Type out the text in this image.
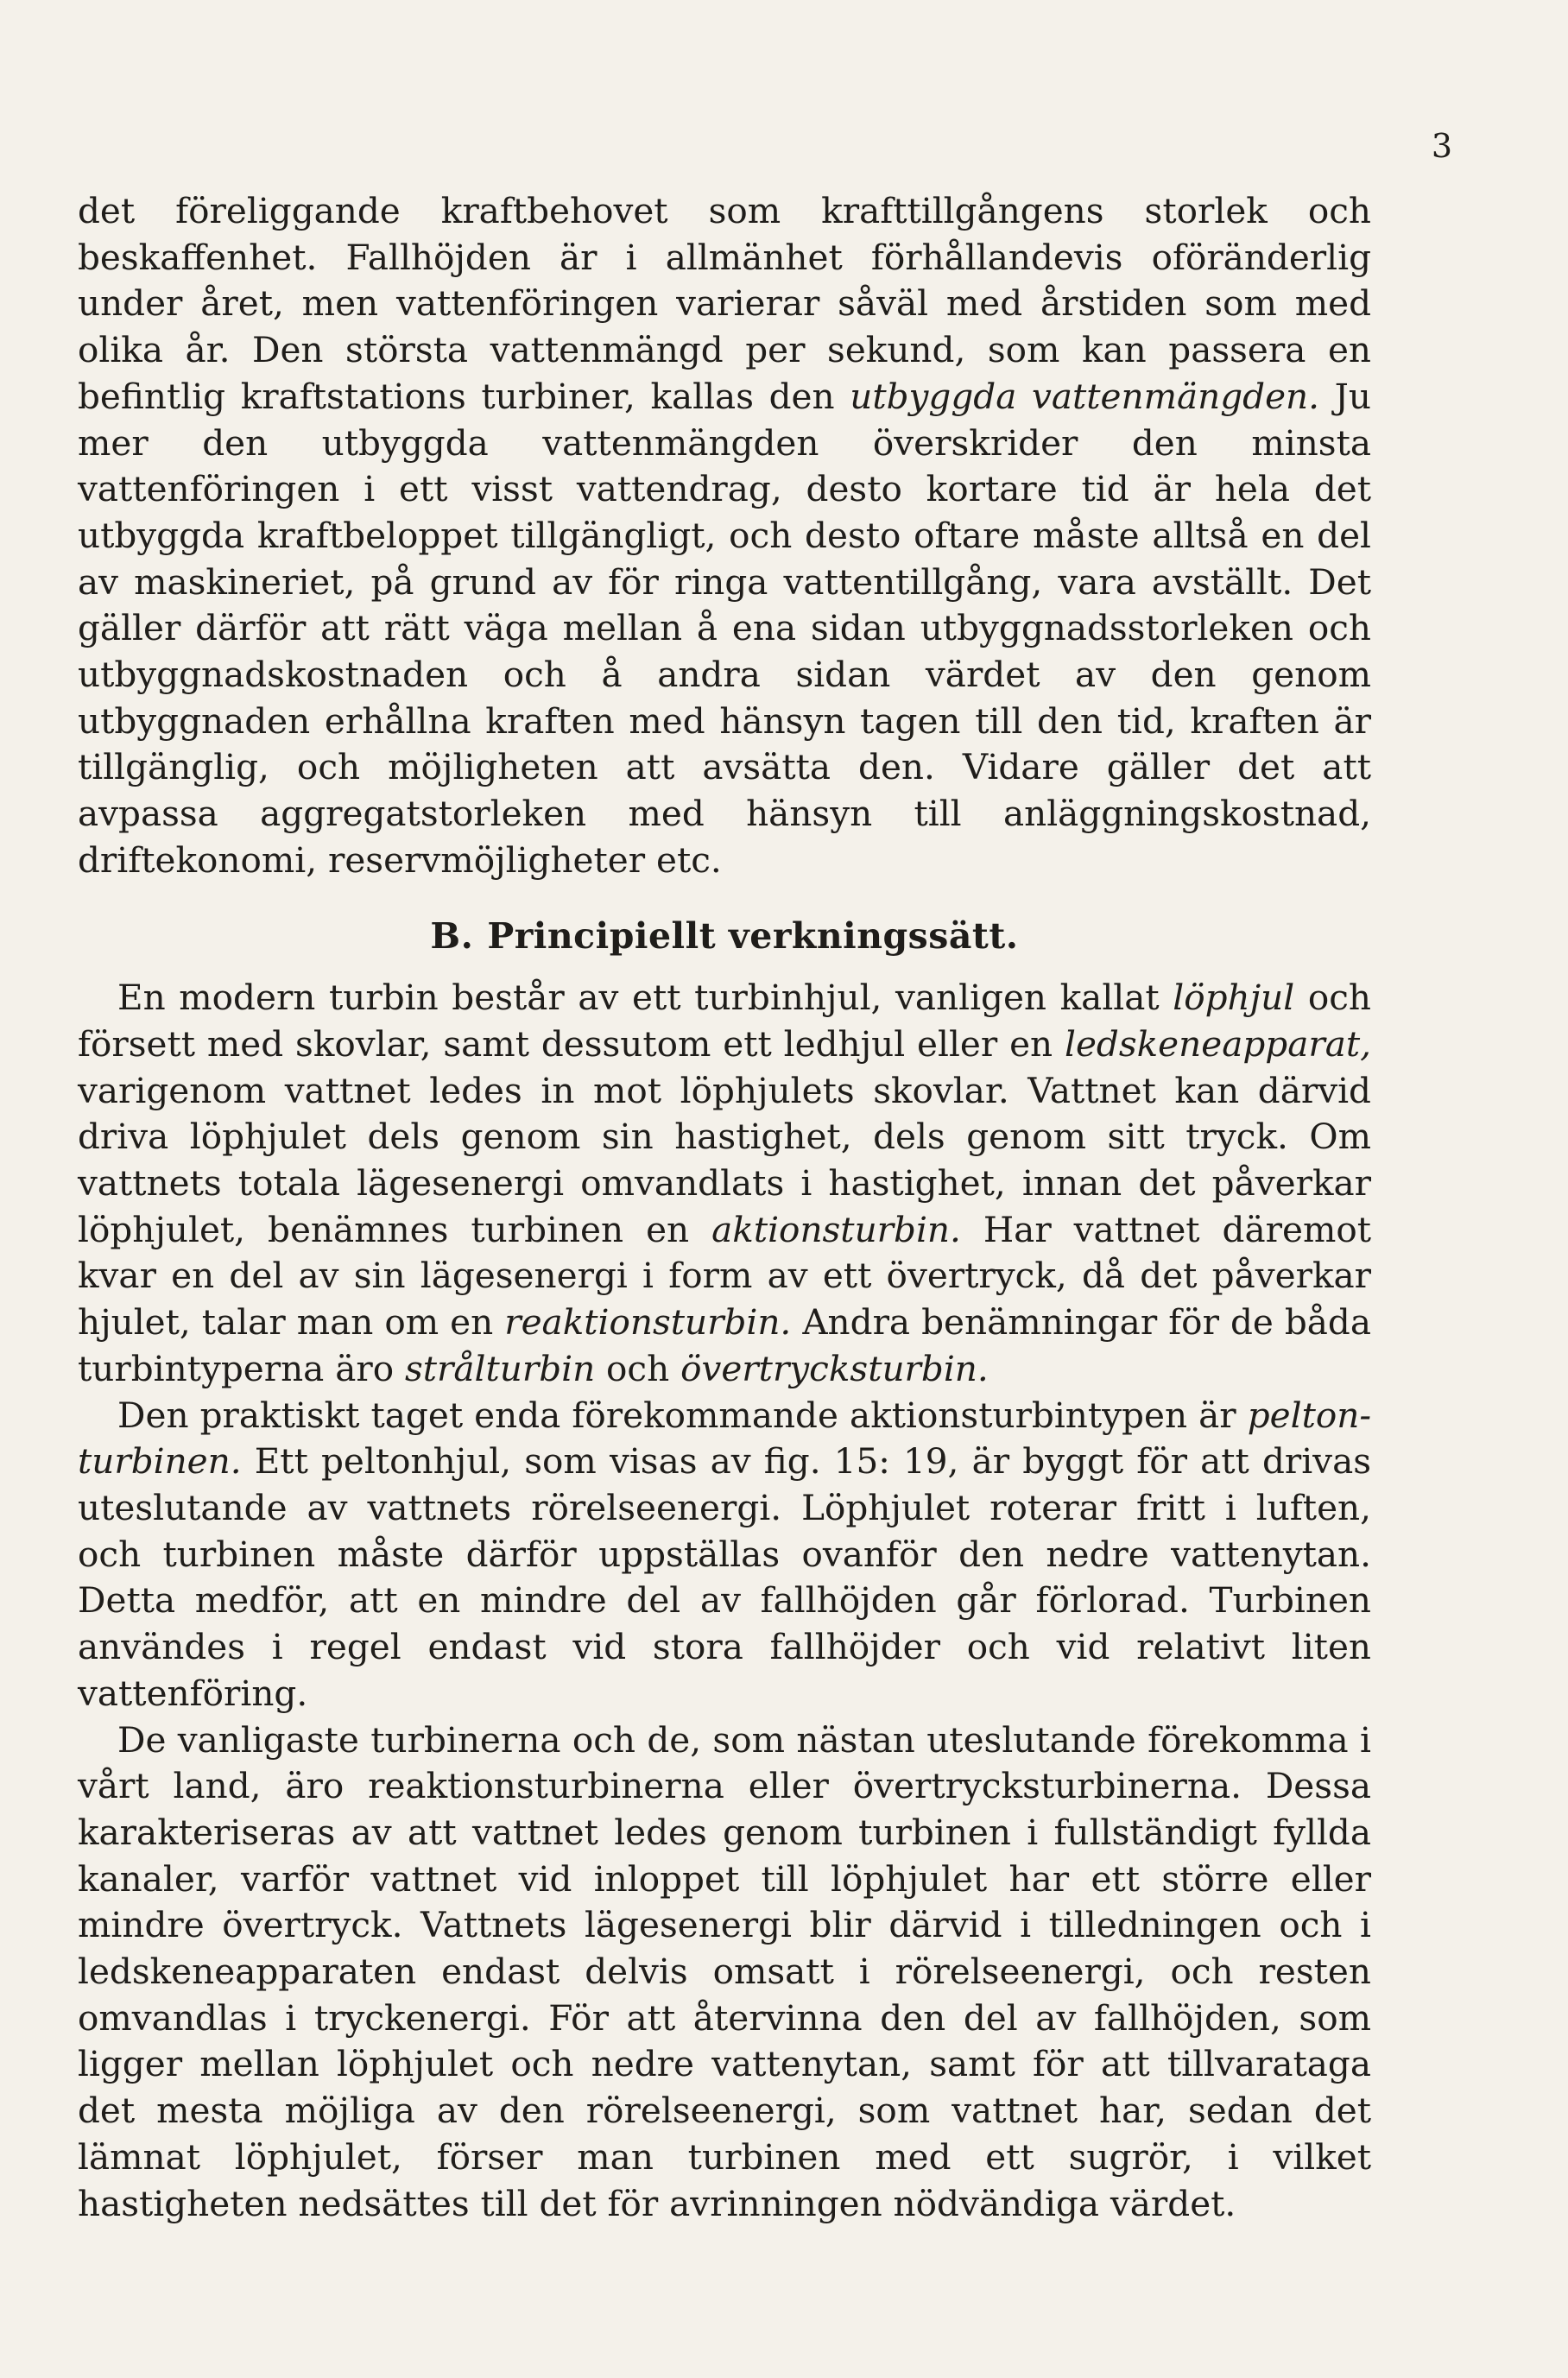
3

det föreliggande kraftbehovet som krafttillgångens storlek och beskaffenhet. Fallhöjden är i allmänhet förhållandevis oföränderlig under året, men vattenföringen varierar såväl med årstiden som med olika år. Den största vattenmängd per sekund, som kan passera en befintlig kraftstations turbiner, kallas den utbyggda vattenmängden. Ju mer den utbyggda vattenmängden överskrider den minsta vattenföringen i ett visst vattendrag, desto kortare tid är hela det utbyggda kraftbeloppet tillgängligt, och desto oftare måste alltså en del av maskineriet, på grund av för ringa vattentillgång, vara avställt. Det gäller därför att rätt väga mellan å ena sidan utbyggnadsstorleken och utbyggnadskostnaden och å andra sidan värdet av den genom utbyggnaden erhållna kraften med hänsyn tagen till den tid, kraften är tillgänglig, och möjligheten att avsätta den. Vidare gäller det att avpassa aggregatstorleken med hänsyn till anläggningskostnad, driftekonomi, reservmöjligheter etc.

B. Principiellt verkningssätt.

En modern turbin består av ett turbinhjul, vanligen kallat löphjul och försett med skovlar, samt dessutom ett ledhjul eller en ledskeneapparat, varigenom vattnet ledes in mot löphjulets skovlar. Vattnet kan därvid driva löphjulet dels genom sin hastighet, dels genom sitt tryck. Om vattnets totala lägesenergi omvandlats i hastighet, innan det påverkar löphjulet, benämnes turbinen en aktionsturbin. Har vattnet däremot kvar en del av sin lägesenergi i form av ett övertryck, då det påverkar hjulet, talar man om en reaktionsturbin. Andra benämningar för de båda turbintyperna äro strålturbin och övertrycksturbin.

Den praktiskt taget enda förekommande aktionsturbintypen är peltonturbinen. Ett peltonhjul, som visas av fig. 15: 19, är byggt för att drivas uteslutande av vattnets rörelseenergi. Löphjulet roterar fritt i luften, och turbinen måste därför uppställas ovanför den nedre vattenytan. Detta medför, att en mindre del av fallhöjden går förlorad. Turbinen användes i regel endast vid stora fallhöjder och vid relativt liten vattenföring.

De vanligaste turbinerna och de, som nästan uteslutande förekomma i vårt land, äro reaktionsturbinerna eller övertrycksturbinerna. Dessa karakteriseras av att vattnet ledes genom turbinen i fullständigt fyllda kanaler, varför vattnet vid inloppet till löphjulet har ett större eller mindre övertryck. Vattnets lägesenergi blir därvid i tilledningen och i ledskeneapparaten endast delvis omsatt i rörelseenergi, och resten omvandlas i tryckenergi. För att återvinna den del av fallhöjden, som ligger mellan löphjulet och nedre vattenytan, samt för att tillvaratagа det mesta möjliga av den rörelseenergi, som vattnet har, sedan det lämnat löphjulet, förser man turbinen med ett sugrör, i vilket hastigheten nedsättes till det för avrinningen nödvändiga värdet.
